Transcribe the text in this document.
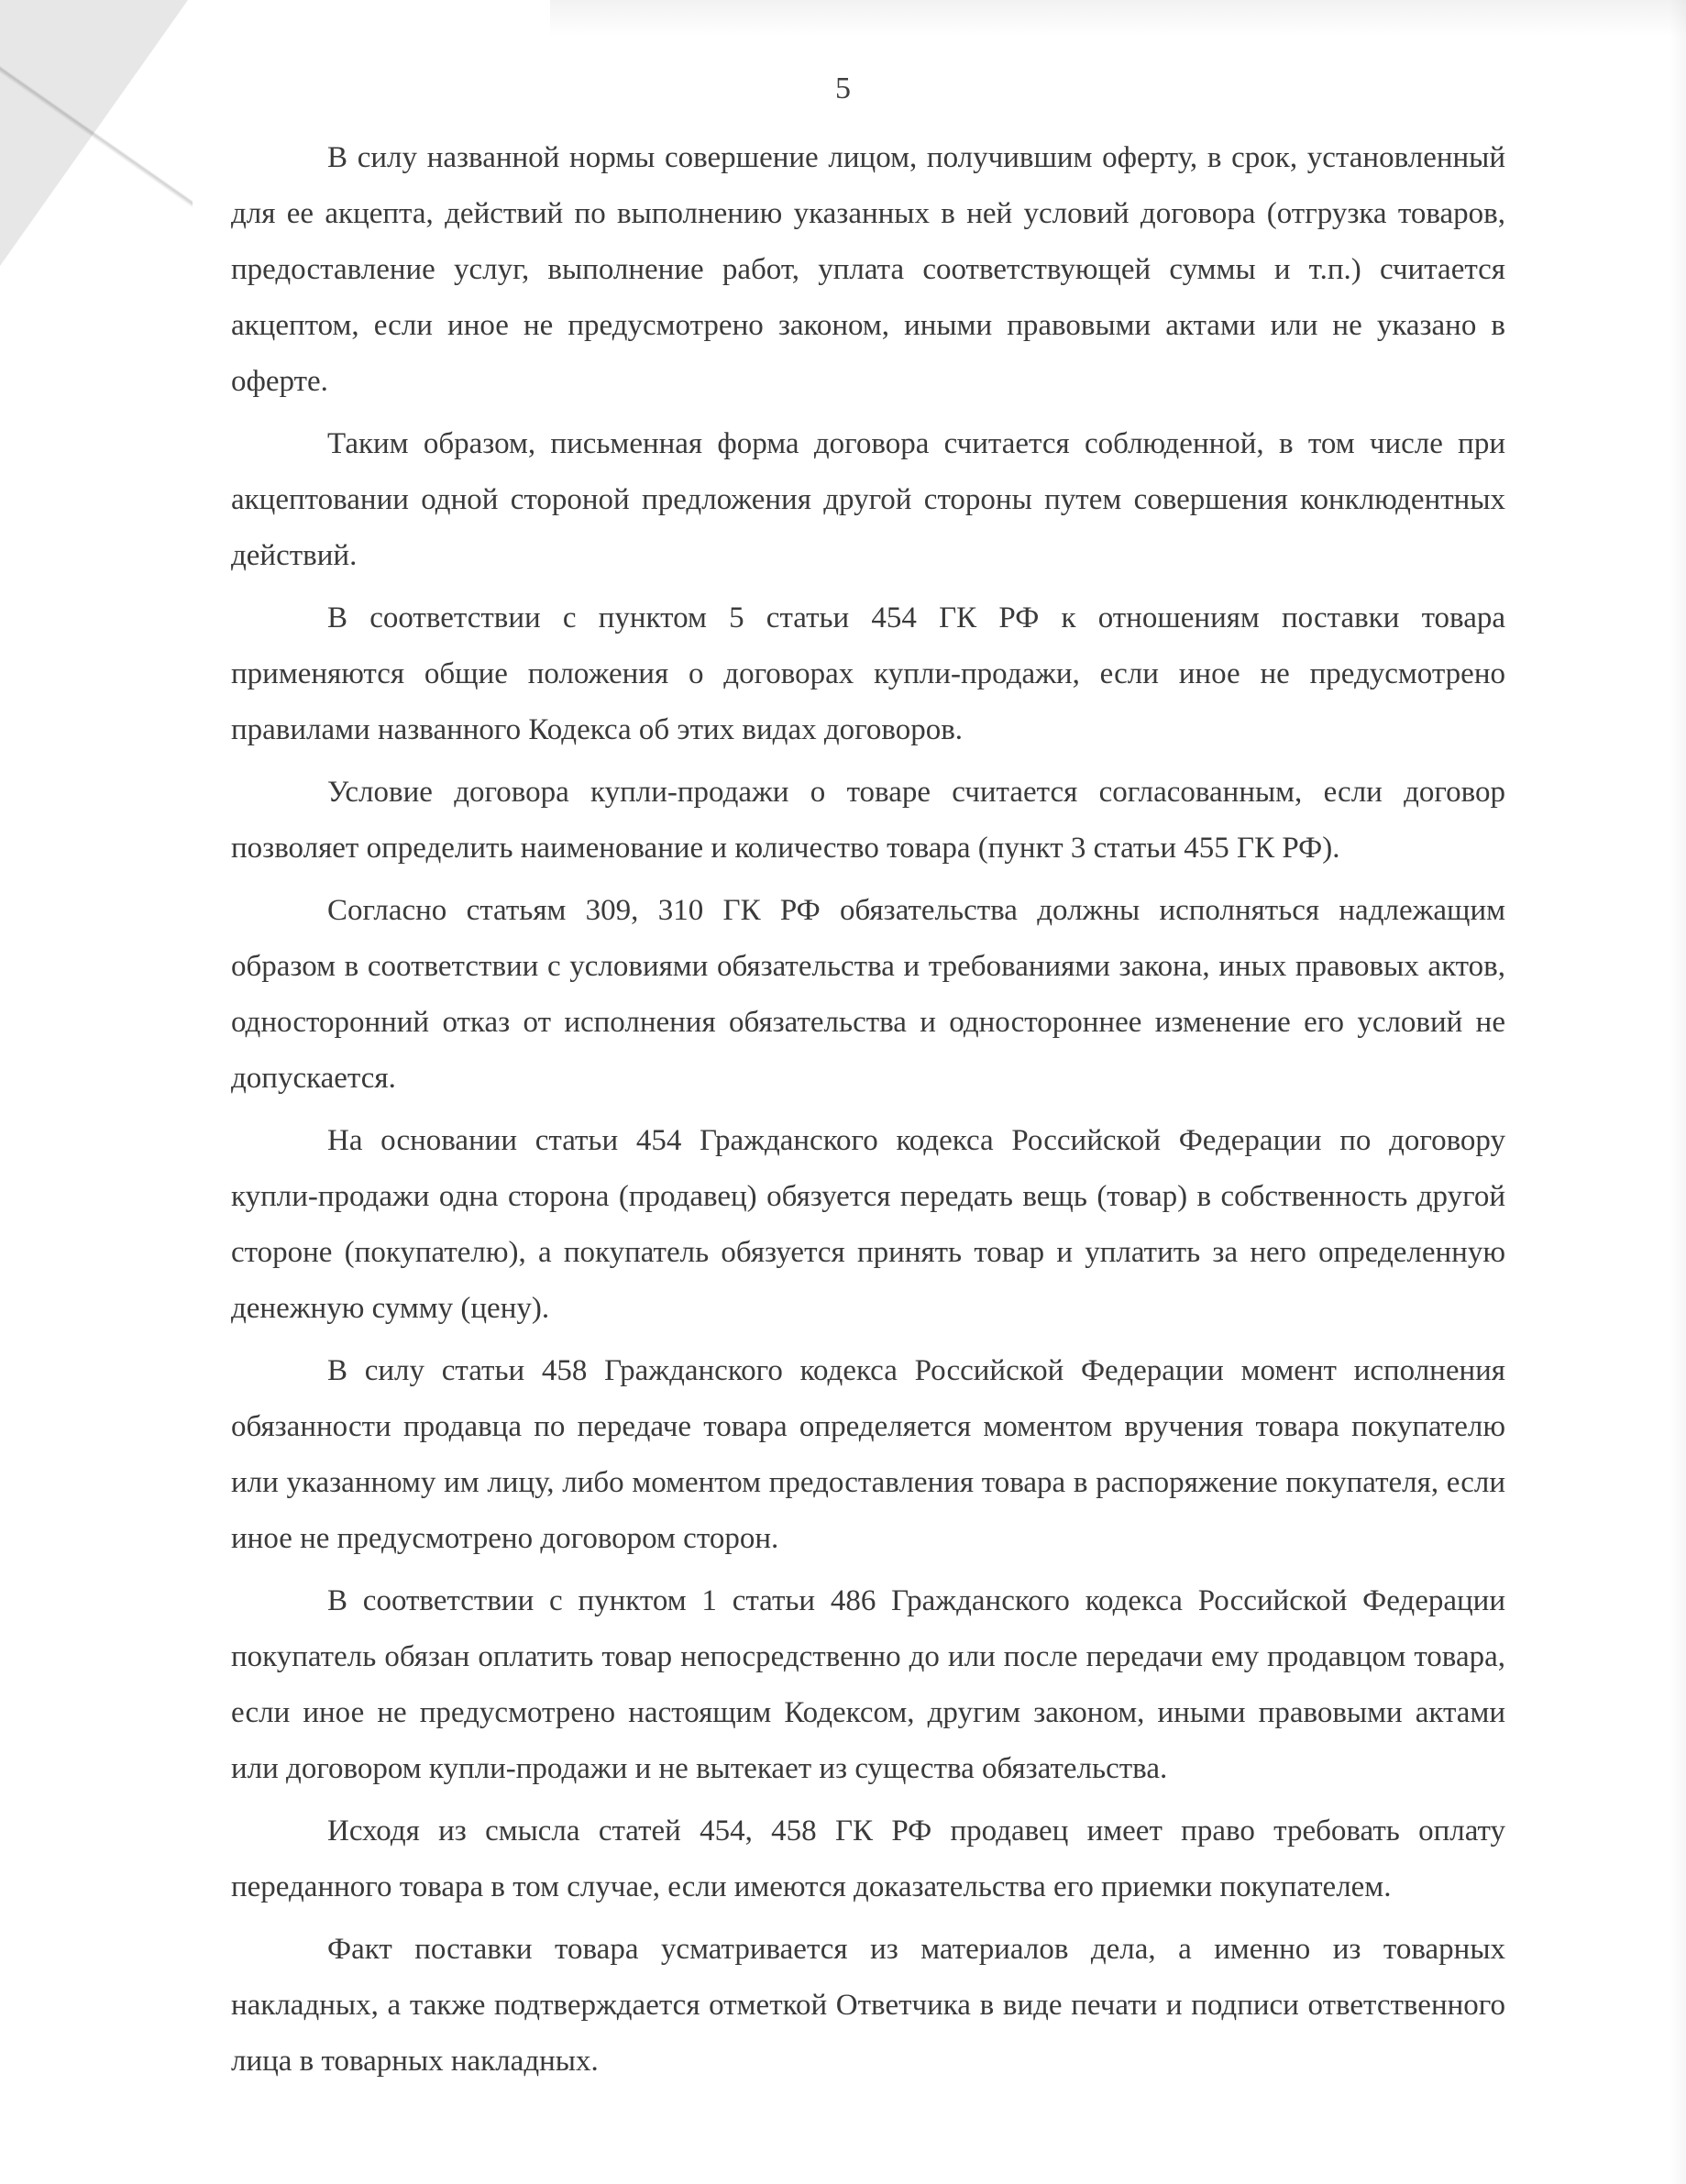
5

В силу названной нормы совершение лицом, получившим оферту, в срок, установленный для ее акцепта, действий по выполнению указанных в ней условий договора (отгрузка товаров, предоставление услуг, выполнение работ, уплата соответствующей суммы и т.п.) считается акцептом, если иное не предусмотрено законом, иными правовыми актами или не указано в оферте.

Таким образом, письменная форма договора считается соблюденной, в том числе при акцептовании одной стороной предложения другой стороны путем совершения конклюдентных действий.

В соответствии с пунктом 5 статьи 454 ГК РФ к отношениям поставки товара применяются общие положения о договорах купли-продажи, если иное не предусмотрено правилами названного Кодекса об этих видах договоров.

Условие договора купли-продажи о товаре считается согласованным, если договор позволяет определить наименование и количество товара (пункт 3 статьи 455 ГК РФ).

Согласно статьям 309, 310 ГК РФ обязательства должны исполняться надлежащим образом в соответствии с условиями обязательства и требованиями закона, иных правовых актов, односторонний отказ от исполнения обязательства и одностороннее изменение его условий не допускается.

На основании статьи 454 Гражданского кодекса Российской Федерации по договору купли-продажи одна сторона (продавец) обязуется передать вещь (товар) в собственность другой стороне (покупателю), а покупатель обязуется принять товар и уплатить за него определенную денежную сумму (цену).

В силу статьи 458 Гражданского кодекса Российской Федерации момент исполнения обязанности продавца по передаче товара определяется моментом вручения товара покупателю или указанному им лицу, либо моментом предоставления товара в распоряжение покупателя, если иное не предусмотрено договором сторон.

В соответствии с пунктом 1 статьи 486 Гражданского кодекса Российской Федерации покупатель обязан оплатить товар непосредственно до или после передачи ему продавцом товара, если иное не предусмотрено настоящим Кодексом, другим законом, иными правовыми актами или договором купли-продажи и не вытекает из существа обязательства.

Исходя из смысла статей 454, 458 ГК РФ продавец имеет право требовать оплату переданного товара в том случае, если имеются доказательства его приемки покупателем.

Факт поставки товара усматривается из материалов дела, а именно из товарных накладных, а также подтверждается отметкой Ответчика в виде печати и подписи ответственного лица в товарных накладных.
